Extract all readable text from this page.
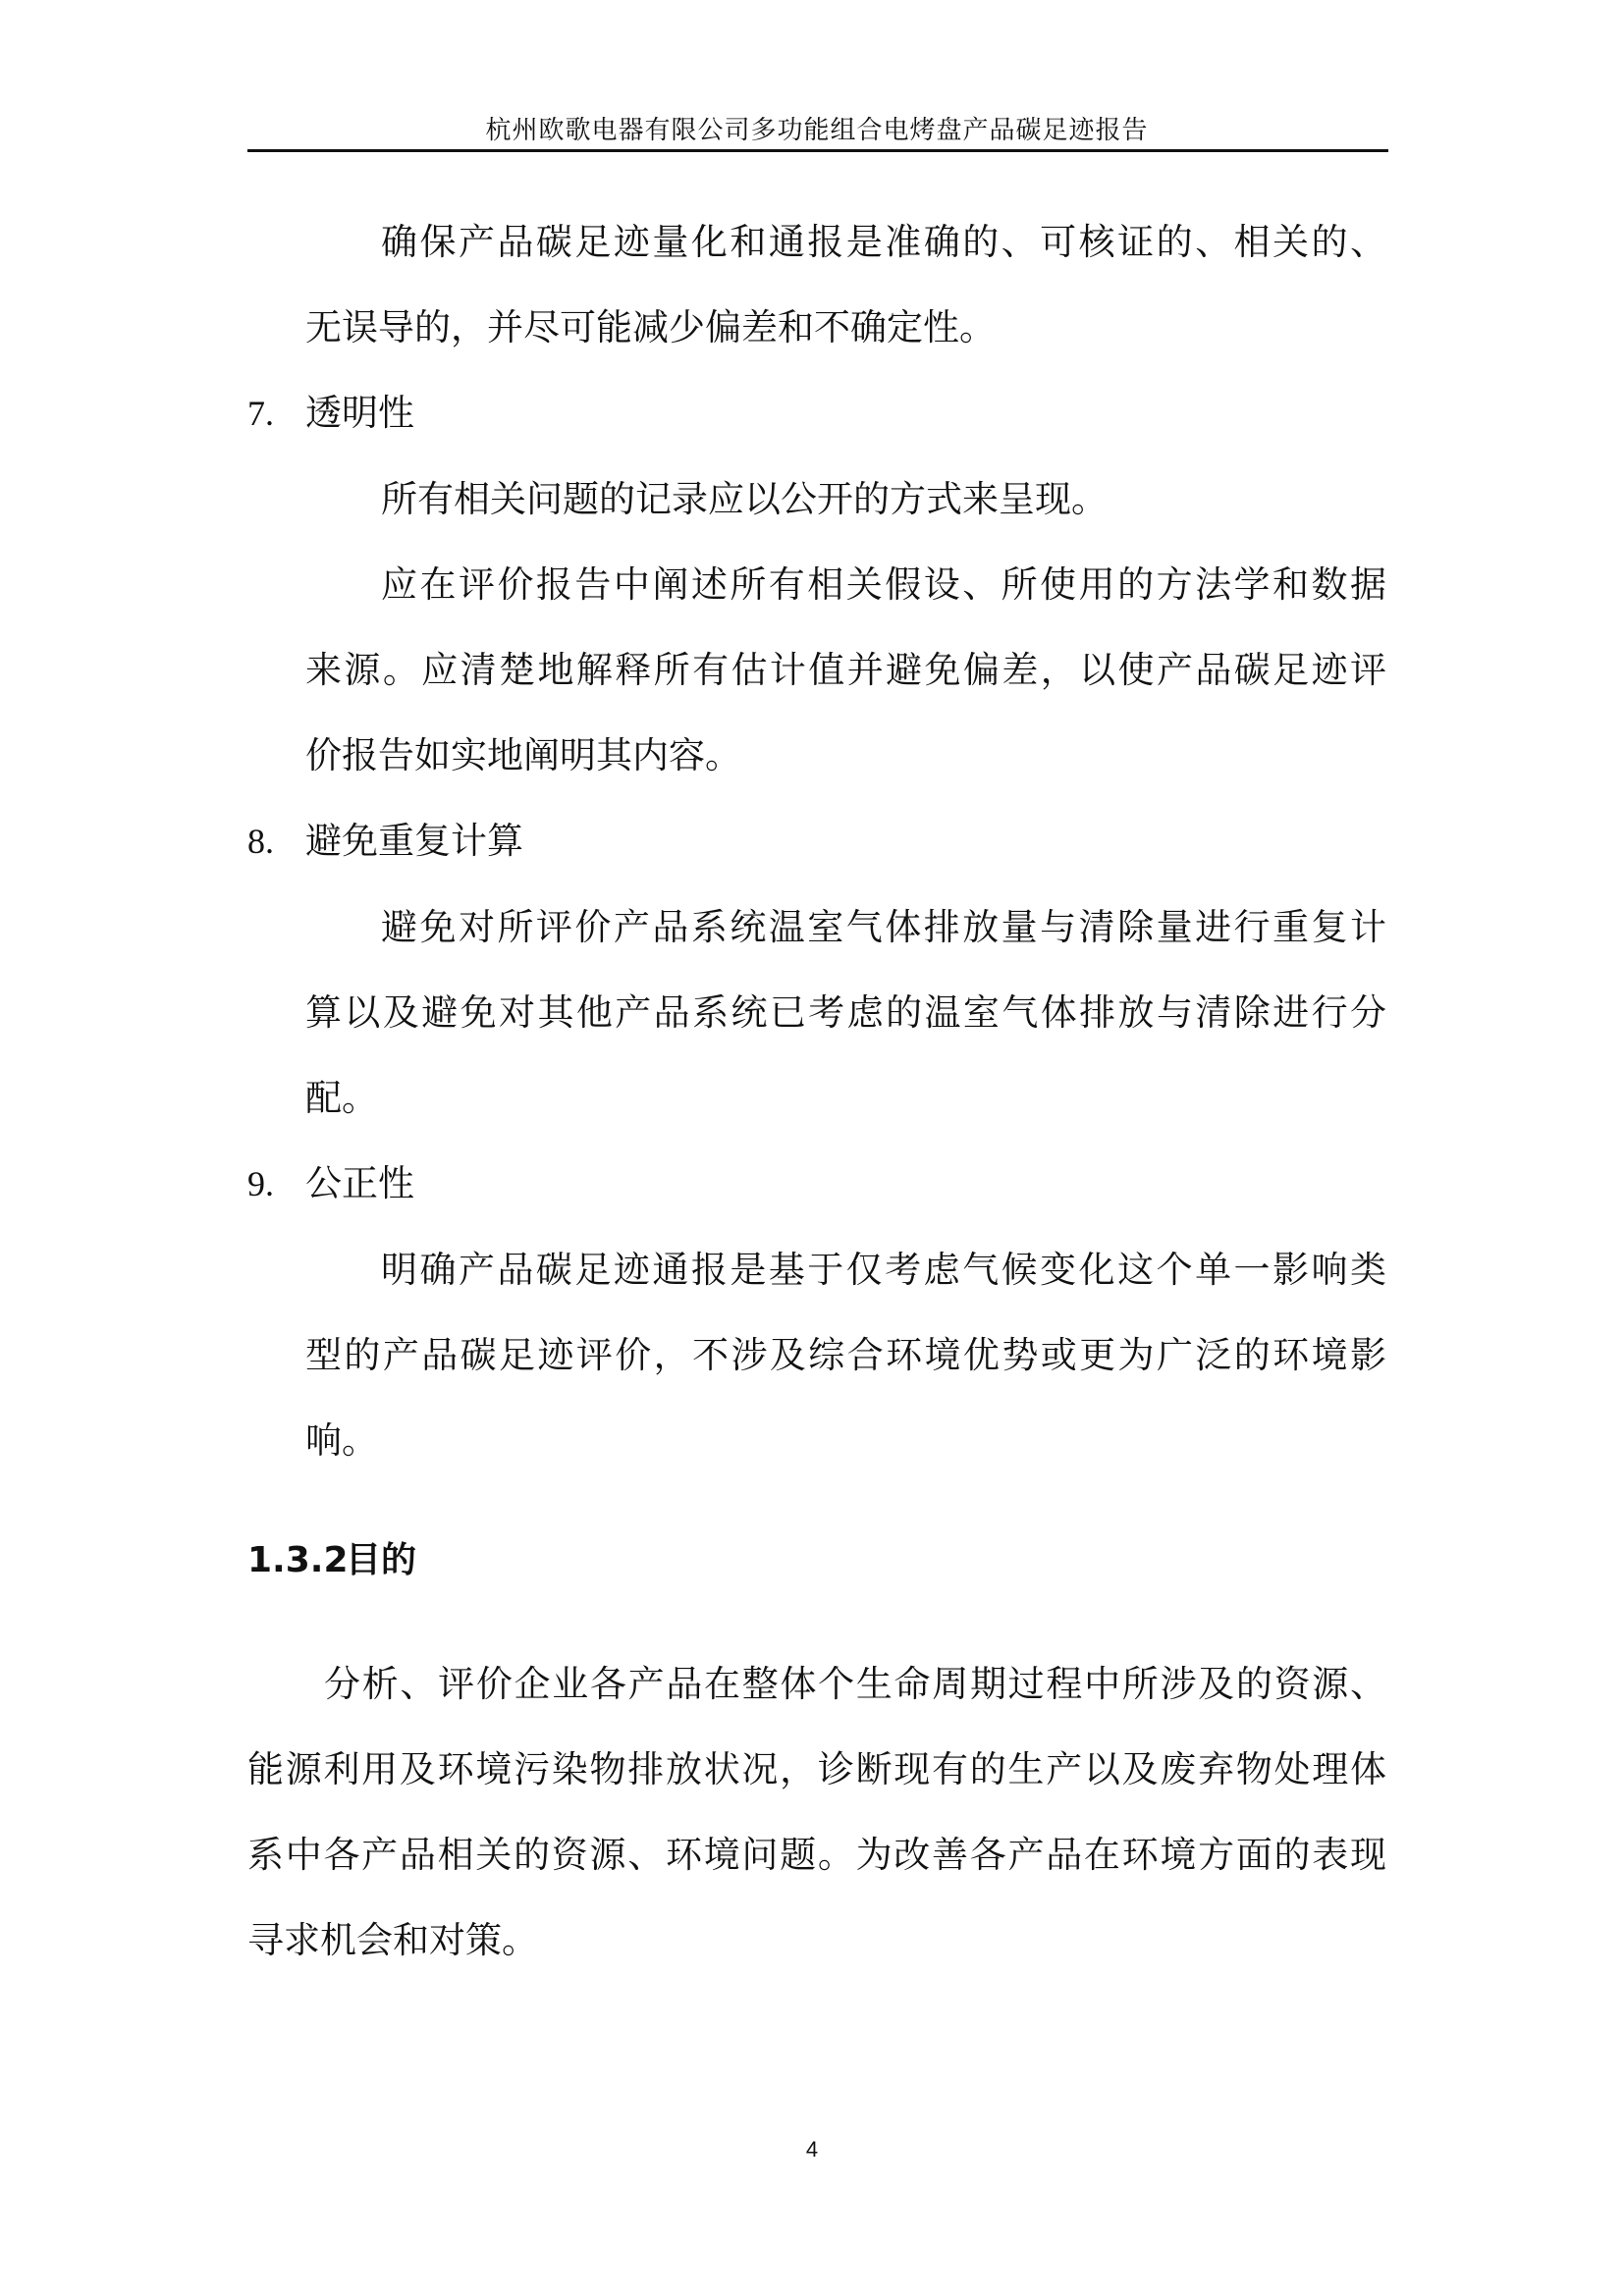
杭州欧歌电器有限公司多功能组合电烤盘产品碳足迹报告
确保产品碳足迹量化和通报是准确的、可核证的、相关的、
无误导的，并尽可能减少偏差和不确定性。
7. 透明性
所有相关问题的记录应以公开的方式来呈现。
应在评价报告中阐述所有相关假设、所使用的方法学和数据
来源。应清楚地解释所有估计值并避免偏差，以使产品碳足迹评
价报告如实地阐明其内容。
8. 避免重复计算
避免对所评价产品系统温室气体排放量与清除量进行重复计
算以及避免对其他产品系统已考虑的温室气体排放与清除进行分
配。
9. 公正性
明确产品碳足迹通报是基于仅考虑气候变化这个单一影响类
型的产品碳足迹评价，不涉及综合环境优势或更为广泛的环境影
响。
1.3.2
目的
分析、评价企业各产品在整体个生命周期过程中所涉及的资源、
能源利用及环境污染物排放状况，诊断现有的生产以及废弃物处理体
系中各产品相关的资源、环境问题。为改善各产品在环境方面的表现
寻求机会和对策。
4
